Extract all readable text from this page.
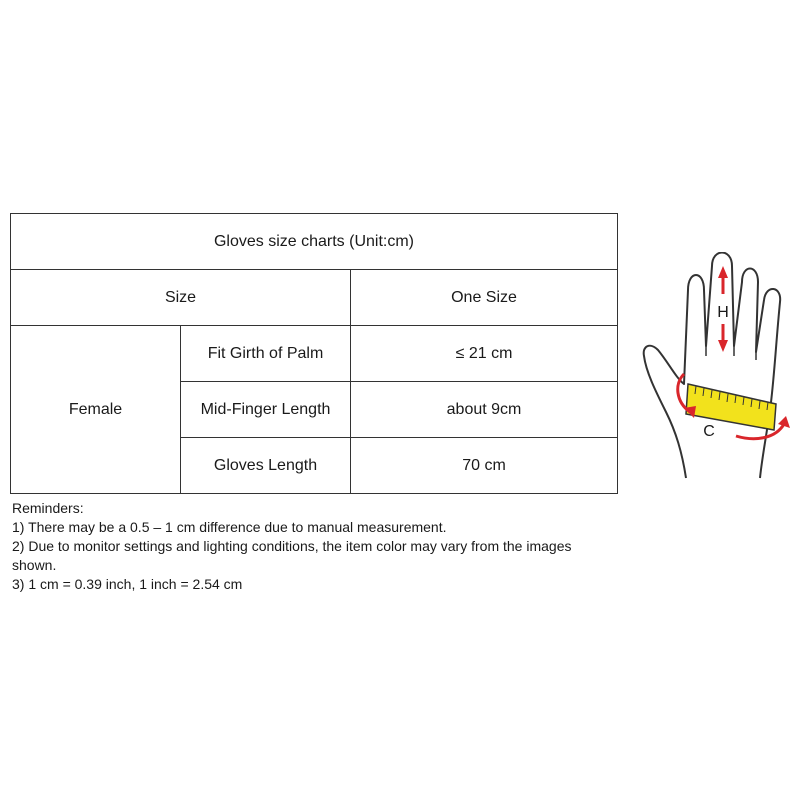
Gloves size charts (Unit:cm)		
Size		One Size
Female	Fit Girth of Palm	≤ 21 cm
	Mid-Finger Length	about 9cm
	Gloves Length	70 cm
Reminders:
1) There may be a 0.5 – 1 cm difference due to manual measurement.
2) Due to monitor settings and lighting conditions, the item color may vary from the images shown.
3) 1 cm = 0.39 inch, 1 inch = 2.54 cm
H
C
